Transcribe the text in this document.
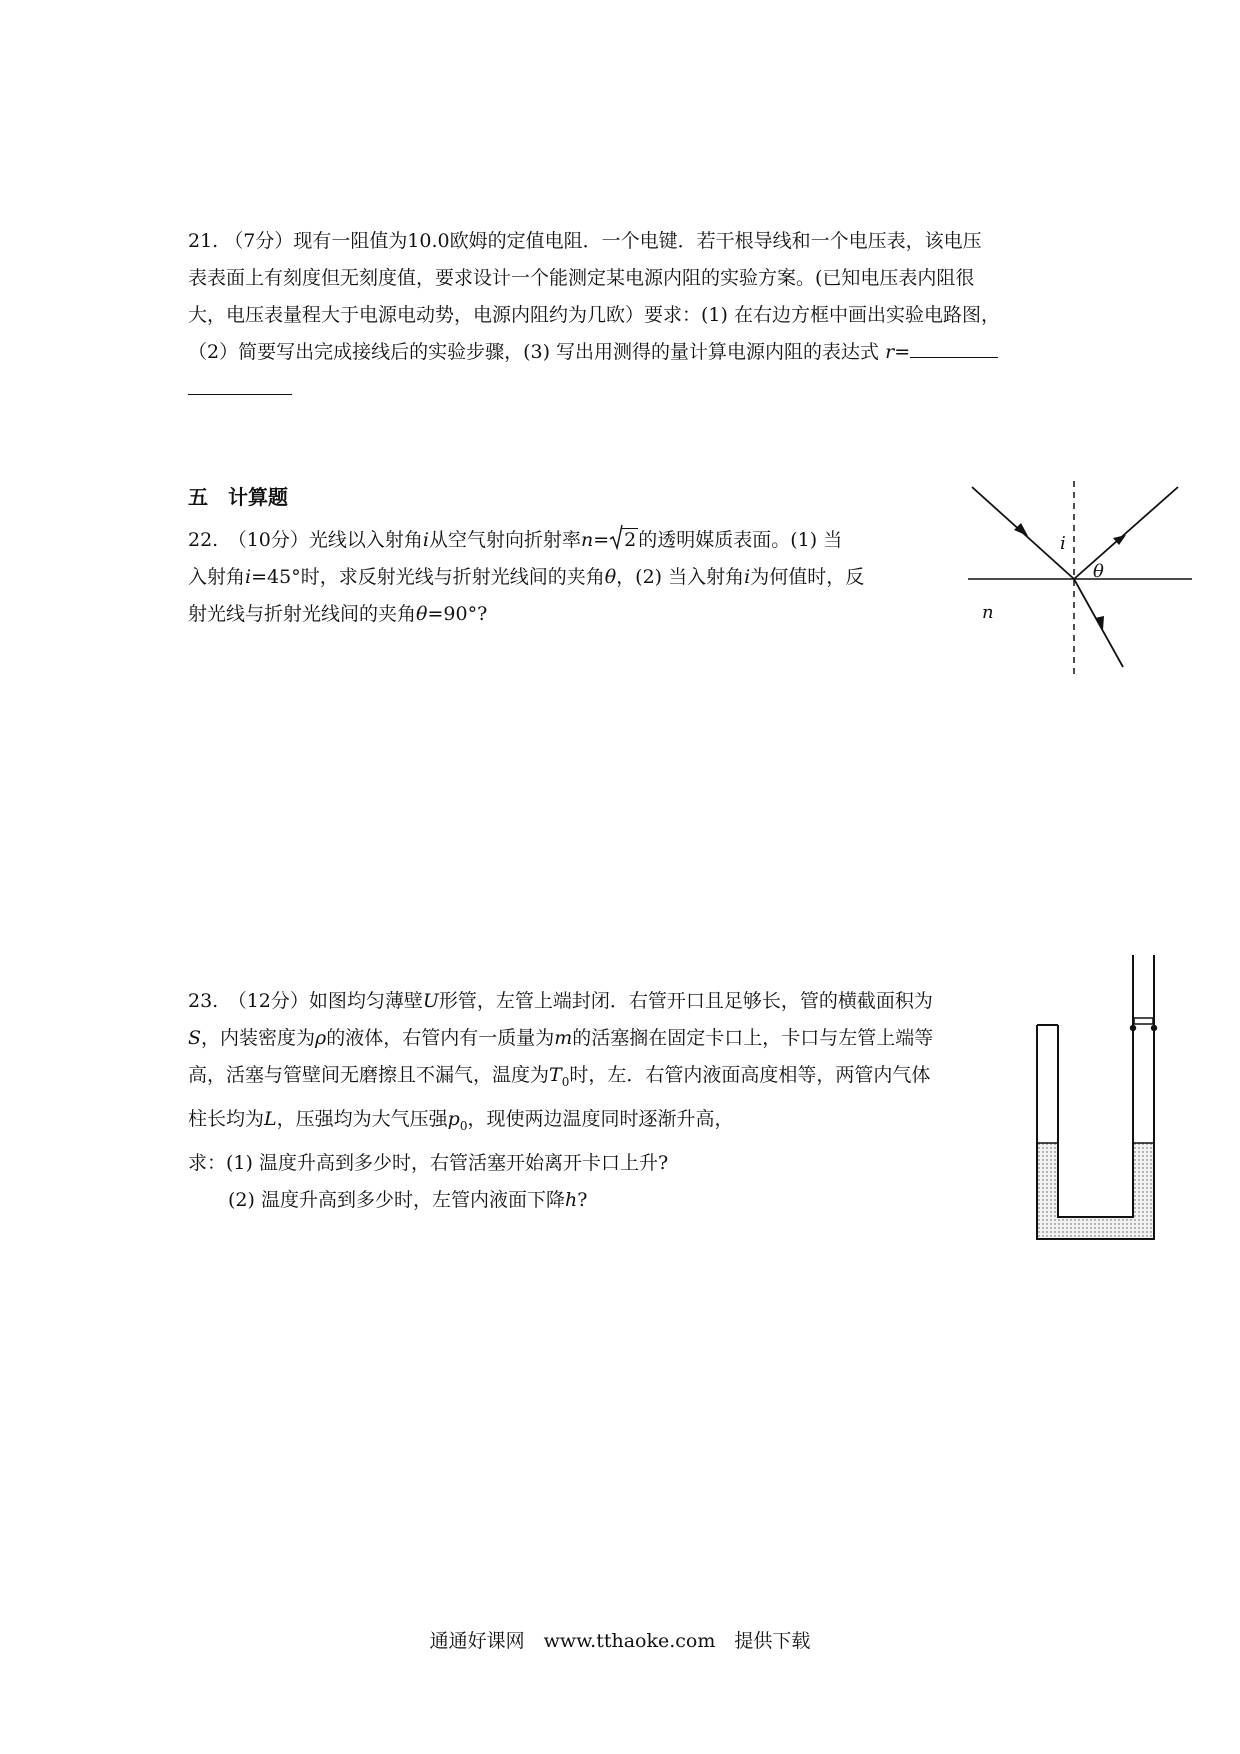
21. （7分）现有一阻值为10.0欧姆的定值电阻．一个电键．若干根导线和一个电压表，该电压
表表面上有刻度但无刻度值，要求设计一个能测定某电源内阻的实验方案。(已知电压表内阻很
大，电压表量程大于电源电动势，电源内阻约为几欧）要求：(1) 在右边方框中画出实验电路图，
（2）简要写出完成接线后的实验步骤，(3) 写出用测得的量计算电源内阻的表达式 r=
五　计算题
22.　（10分）光线以入射角i从空气射向折射率n= 2 的透明媒质表面。(1) 当
入射角i=45°时，求反射光线与折射光线间的夹角θ，(2) 当入射角i为何值时，反
射光线与折射光线间的夹角θ=90°?
i
θ
n
23.　（12分）如图均匀薄壁U形管，左管上端封闭．右管开口且足够长，管的横截面积为
S，内装密度为ρ的液体，右管内有一质量为m的活塞搁在固定卡口上，卡口与左管上端等
高，活塞与管壁间无磨擦且不漏气，温度为$T_0$时，左．右管内液面高度相等，两管内气体
柱长均为L，压强均为大气压强$p_0$，现使两边温度同时逐渐升高，
求：(1) 温度升高到多少时，右管活塞开始离开卡口上升?
(2) 温度升高到多少时，左管内液面下降h?
通通好课网　www.tthaoke.com　提供下载
